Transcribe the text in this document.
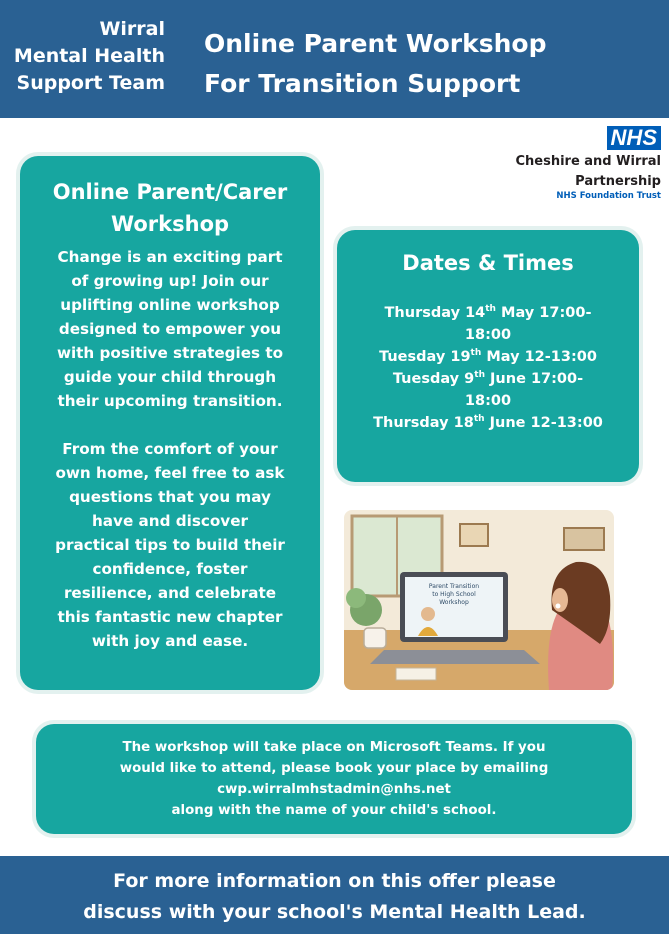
Wirral
Mental Health
Support Team
Online Parent Workshop
For Transition Support
NHS
Cheshire and Wirral
Partnership
NHS Foundation Trust
Online Parent/Carer
Workshop

Change is an exciting part
of growing up! Join our
uplifting online workshop
designed to empower you
with positive strategies to
guide your child through
their upcoming transition.

From the comfort of your
own home, feel free to ask
questions that you may
have and discover
practical tips to build their
confidence, foster
resilience, and celebrate
this fantastic new chapter
with joy and ease.

Dates & Times
Thursday 14th May 17:00-
18:00
Tuesday 19th May 12-13:00
Tuesday 9th June 17:00-
18:00
Thursday 18th June 12-13:00
Parent Transition
to High School
Workshop
The workshop will take place on Microsoft Teams. If you
would like to attend, please book your place by emailing
cwp.wirralmhstadmin@nhs.net
along with the name of your child's school.
For more information on this offer please
discuss with your school's Mental Health Lead.
